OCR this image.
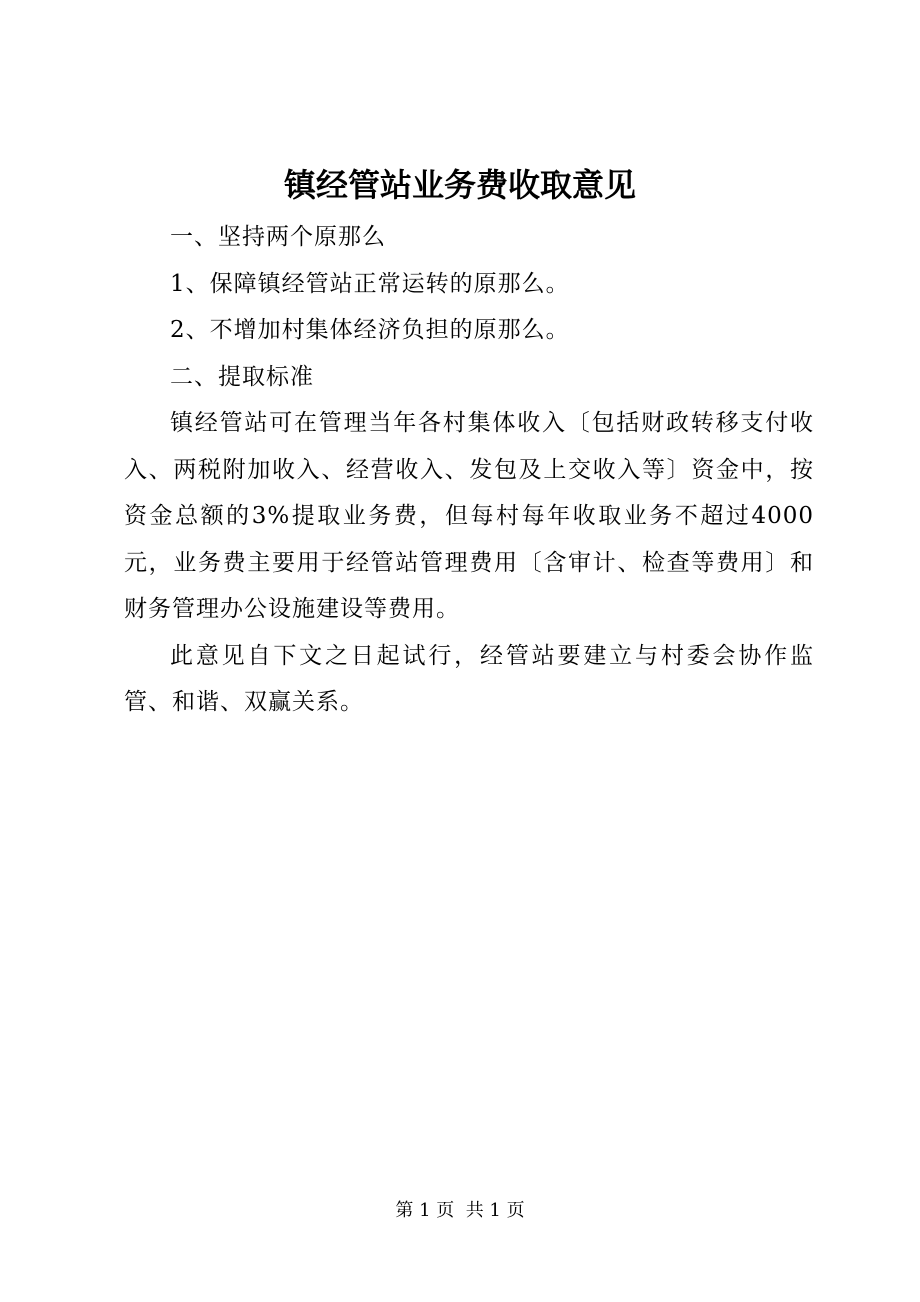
镇经管站业务费收取意见

一、坚持两个原那么

1、保障镇经管站正常运转的原那么。

2、不增加村集体经济负担的原那么。

二、提取标准

镇经管站可在管理当年各村集体收入〔包括财政转移支付收入、两税附加收入、经营收入、发包及上交收入等〕资金中，按资金总额的3%提取业务费，但每村每年收取业务不超过4000元，业务费主要用于经管站管理费用〔含审计、检查等费用〕和财务管理办公设施建设等费用。

此意见自下文之日起试行，经管站要建立与村委会协作监管、和谐、双赢关系。

第 1 页  共 1 页
